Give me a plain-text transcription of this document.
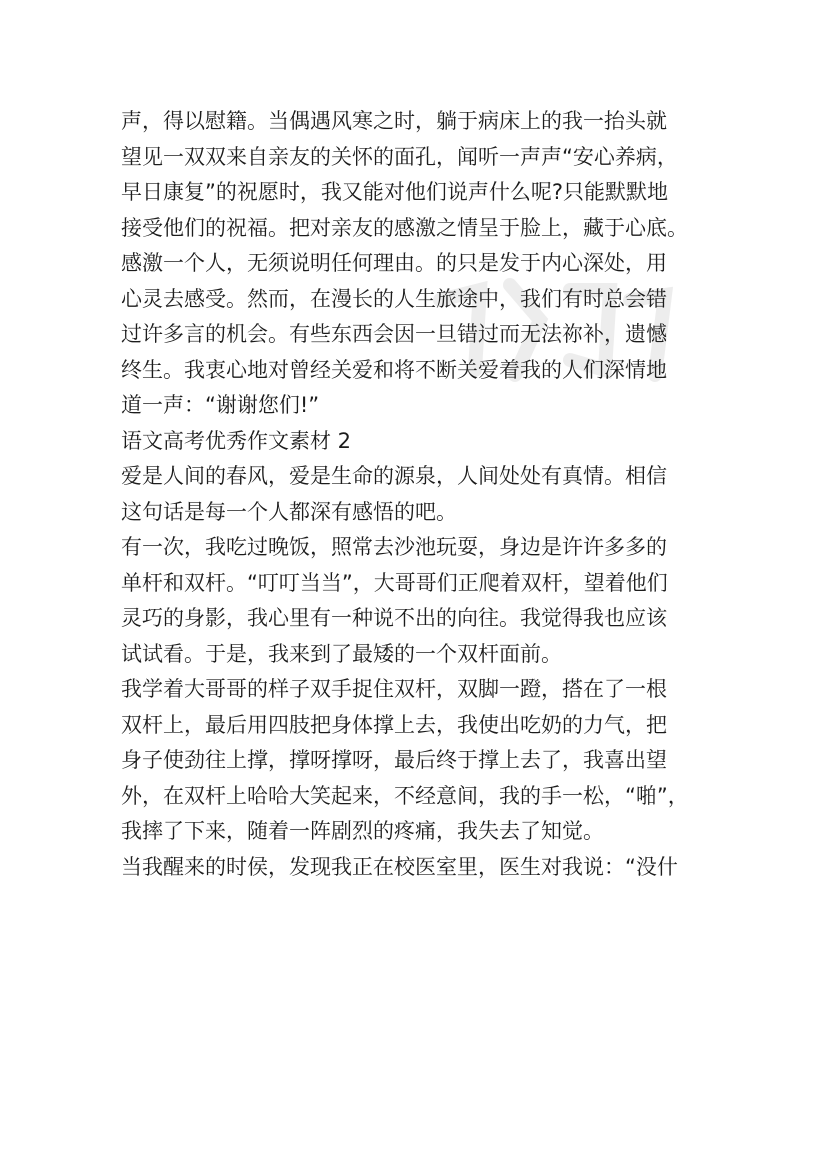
声，得以慰籍。当偶遇风寒之时，躺于病床上的我一抬头就
望见一双双来自亲友的关怀的面孔，闻听一声声“安心养病，
早日康复”的祝愿时，我又能对他们说声什么呢?只能默默地
接受他们的祝福。把对亲友的感激之情呈于脸上，藏于心底。
感激一个人，无须说明任何理由。的只是发于内心深处，用
心灵去感受。然而，在漫长的人生旅途中，我们有时总会错
过许多言的机会。有些东西会因一旦错过而无法祢补，遗憾
终生。我衷心地对曾经关爱和将不断关爱着我的人们深情地
道一声：“谢谢您们!”
语文高考优秀作文素材 2
爱是人间的春风，爱是生命的源泉，人间处处有真情。相信
这句话是每一个人都深有感悟的吧。
有一次，我吃过晚饭，照常去沙池玩耍，身边是许许多多的
单杆和双杆。“叮叮当当”，大哥哥们正爬着双杆，望着他们
灵巧的身影，我心里有一种说不出的向往。我觉得我也应该
试试看。于是，我来到了最矮的一个双杆面前。
我学着大哥哥的样子双手捉住双杆，双脚一蹬，搭在了一根
双杆上，最后用四肢把身体撑上去，我使出吃奶的力气，把
身子使劲往上撑，撑呀撑呀，最后终于撑上去了，我喜出望
外，在双杆上哈哈大笑起来，不经意间，我的手一松，“啪”，
我摔了下来，随着一阵剧烈的疼痛，我失去了知觉。
当我醒来的时侯，发现我正在校医室里，医生对我说：“没什
